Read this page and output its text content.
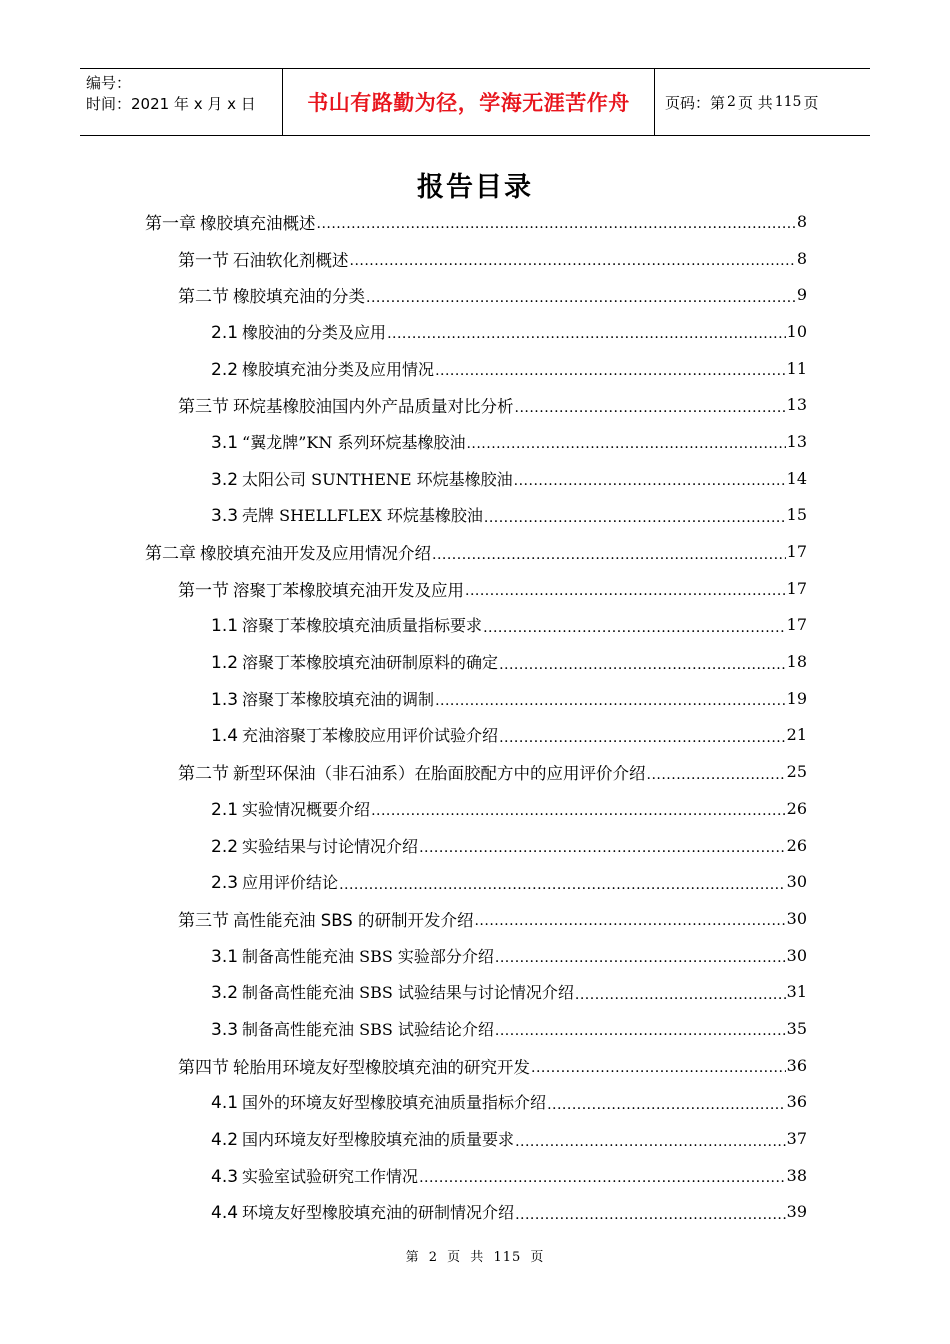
编号：
时间：2021 年 x 月 x 日	书山有路勤为径，学海无涯苦作舟	页码：第 2 页 共 115 页
报告目录
第一章 橡胶填充油概述 .....	8
第一节 石油软化剂概述 .....	8
第二节 橡胶填充油的分类 .....	9
2.1 橡胶油的分类及应用 .....	10
2.2 橡胶填充油分类及应用情况 .....	11
第三节 环烷基橡胶油国内外产品质量对比分析 .....	13
3.1 “翼龙牌”KN 系列环烷基橡胶油 .....	13
3.2 太阳公司 SUNTHENE 环烷基橡胶油 .....	14
3.3 壳牌 SHELLFLEX 环烷基橡胶油 .....	15
第二章 橡胶填充油开发及应用情况介绍 .....	17
第一节 溶聚丁苯橡胶填充油开发及应用 .....	17
1.1 溶聚丁苯橡胶填充油质量指标要求 .....	17
1.2 溶聚丁苯橡胶填充油研制原料的确定 .....	18
1.3 溶聚丁苯橡胶填充油的调制 .....	19
1.4 充油溶聚丁苯橡胶应用评价试验介绍 .....	21
第二节 新型环保油（非石油系）在胎面胶配方中的应用评价介绍 .....	25
2.1 实验情况概要介绍 .....	26
2.2 实验结果与讨论情况介绍 .....	26
2.3 应用评价结论 .....	30
第三节 高性能充油 SBS 的研制开发介绍 .....	30
3.1 制备高性能充油 SBS 实验部分介绍 .....	30
3.2 制备高性能充油 SBS 试验结果与讨论情况介绍 .....	31
3.3 制备高性能充油 SBS 试验结论介绍 .....	35
第四节 轮胎用环境友好型橡胶填充油的研究开发 .....	36
4.1 国外的环境友好型橡胶填充油质量指标介绍 .....	36
4.2 国内环境友好型橡胶填充油的质量要求 .....	37
4.3 实验室试验研究工作情况 .....	38
4.4 环境友好型橡胶填充油的研制情况介绍 .....	39
第 2 页 共 115 页
